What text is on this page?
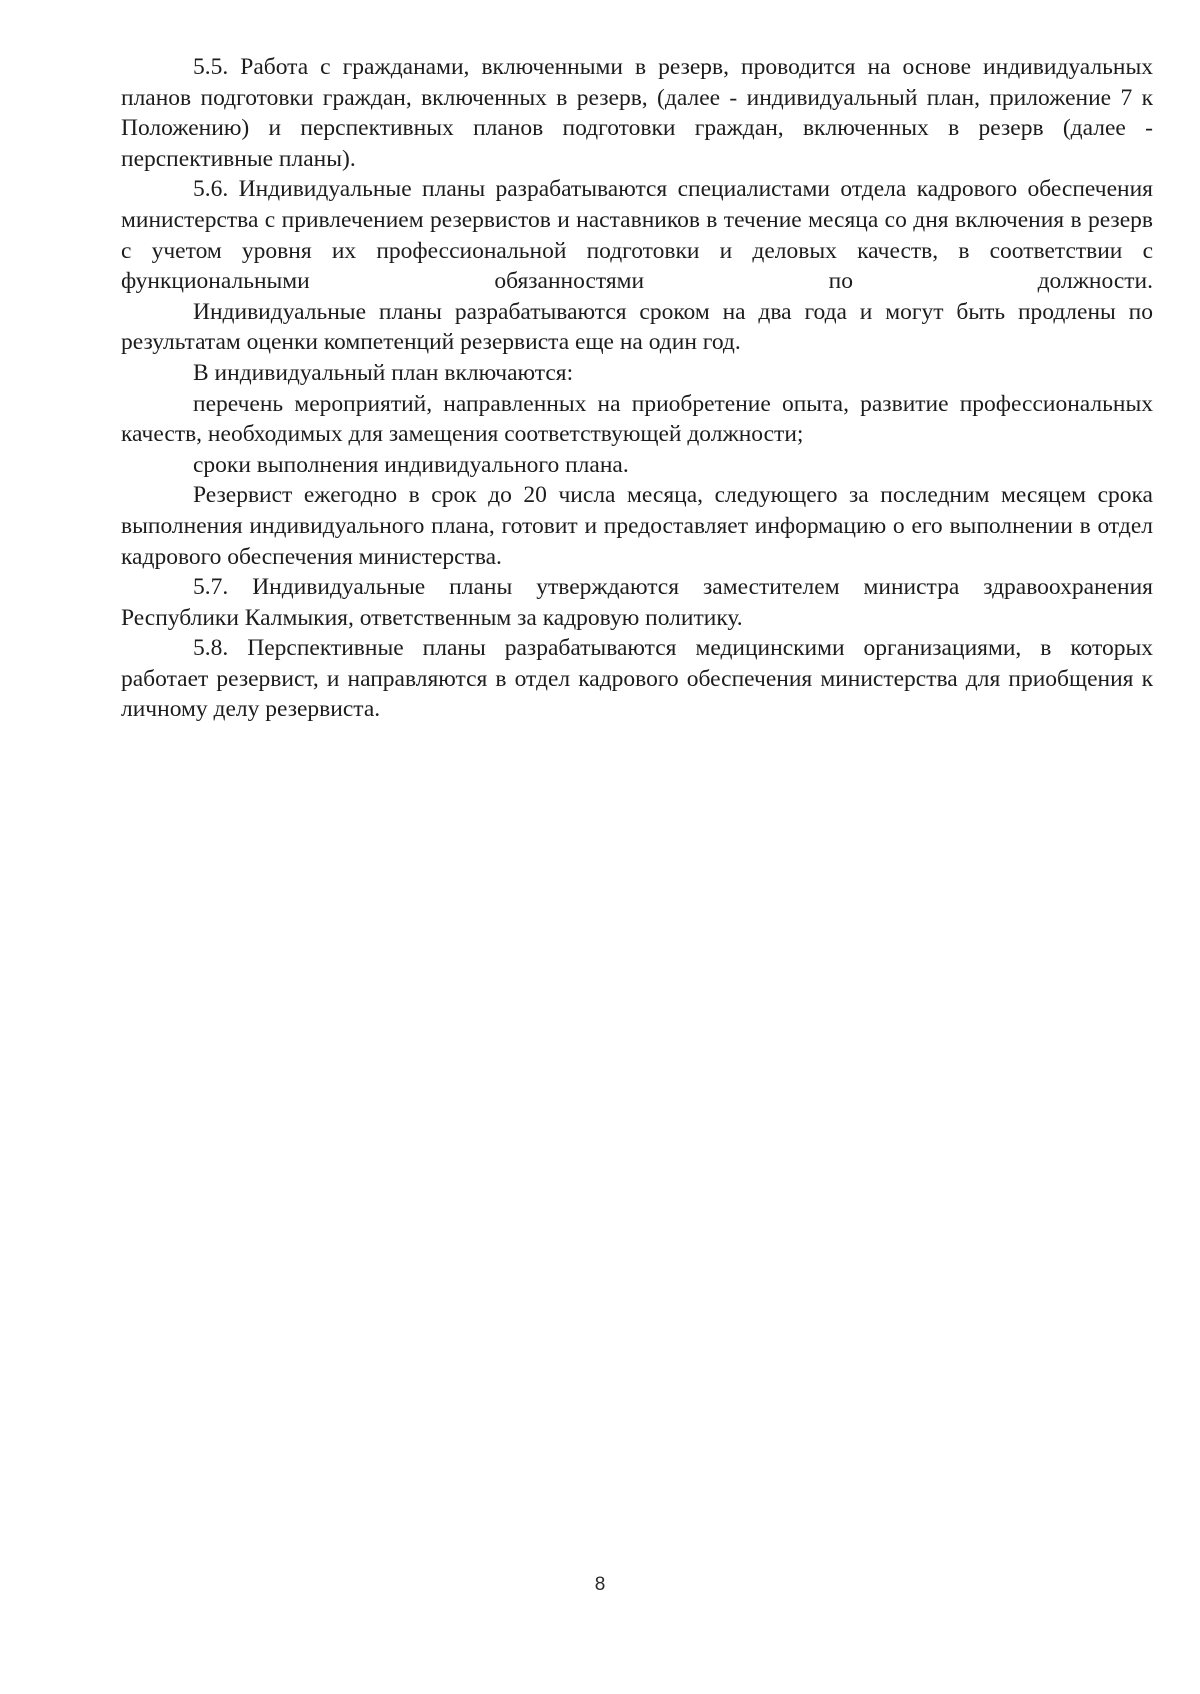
5.5. Работа с гражданами, включенными в резерв, проводится на основе индивидуальных планов подготовки граждан, включенных в резерв, (далее - индивидуальный план, приложение 7 к Положению) и перспективных планов подготовки граждан, включенных в резерв (далее - перспективные планы).

5.6. Индивидуальные планы разрабатываются специалистами отдела кадрового обеспечения министерства с привлечением резервистов и наставников в течение месяца со дня включения в резерв с учетом уровня их профессиональной подготовки и деловых качеств, в соответствии с функциональными обязанностями по должности.

Индивидуальные планы разрабатываются сроком на два года и могут быть продлены по результатам оценки компетенций резервиста еще на один год.

В индивидуальный план включаются:

перечень мероприятий, направленных на приобретение опыта, развитие профессиональных качеств, необходимых для замещения соответствующей должности;

сроки выполнения индивидуального плана.

Резервист ежегодно в срок до 20 числа месяца, следующего за последним месяцем срока выполнения индивидуального плана, готовит и предоставляет информацию о его выполнении в отдел кадрового обеспечения министерства.

5.7. Индивидуальные планы утверждаются заместителем министра здравоохранения Республики Калмыкия, ответственным за кадровую политику.

5.8. Перспективные планы разрабатываются медицинскими организациями, в которых работает резервист, и направляются в отдел кадрового обеспечения министерства для приобщения к личному делу резервиста.

8
